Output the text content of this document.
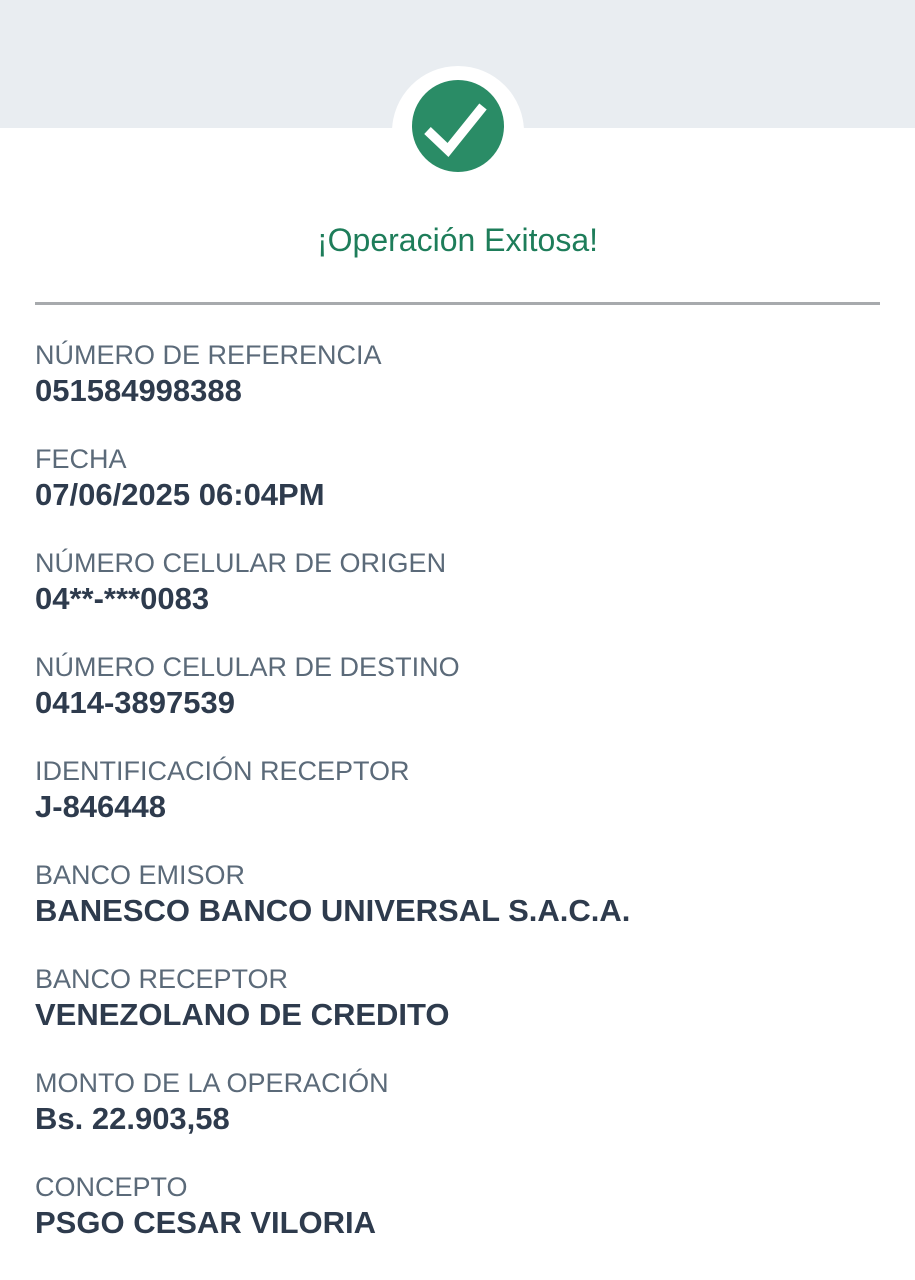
¡Operación Exitosa!
NÚMERO DE REFERENCIA
051584998388
FECHA
07/06/2025 06:04PM
NÚMERO CELULAR DE ORIGEN
04**-***0083
NÚMERO CELULAR DE DESTINO
0414-3897539
IDENTIFICACIÓN RECEPTOR
J-846448
BANCO EMISOR
BANESCO BANCO UNIVERSAL S.A.C.A.
BANCO RECEPTOR
VENEZOLANO DE CREDITO
MONTO DE LA OPERACIÓN
Bs. 22.903,58
CONCEPTO
PSGO CESAR VILORIA
